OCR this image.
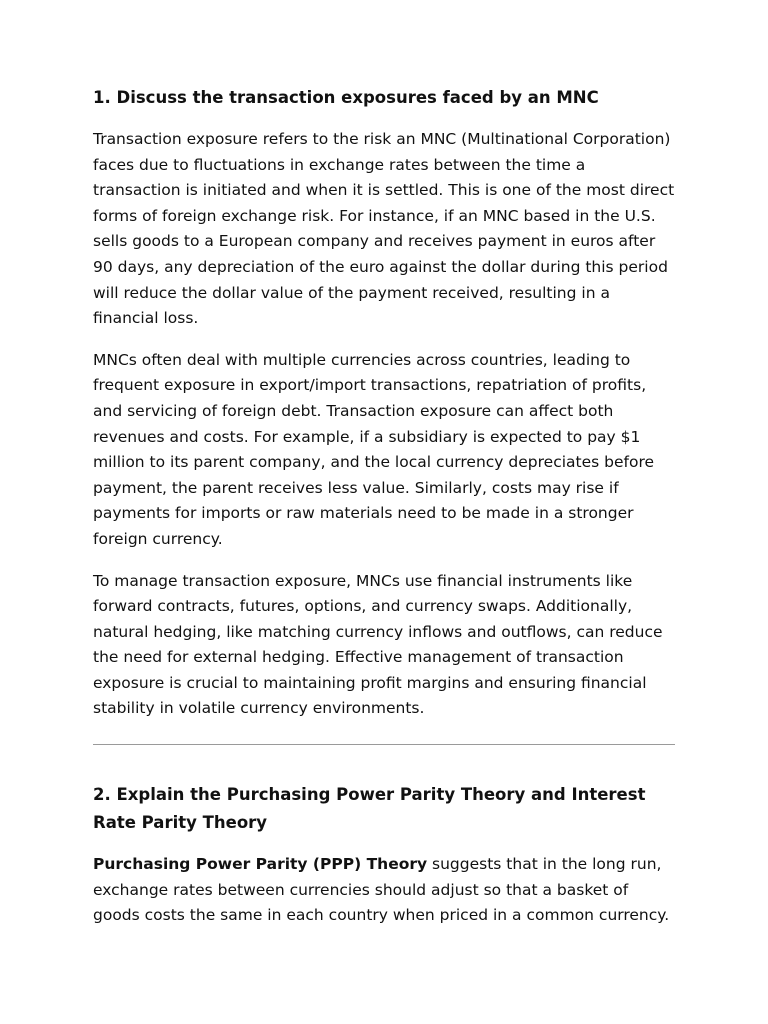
1. Discuss the transaction exposures faced by an MNC

Transaction exposure refers to the risk an MNC (Multinational Corporation) faces due to fluctuations in exchange rates between the time a transaction is initiated and when it is settled. This is one of the most direct forms of foreign exchange risk. For instance, if an MNC based in the U.S. sells goods to a European company and receives payment in euros after 90 days, any depreciation of the euro against the dollar during this period will reduce the dollar value of the payment received, resulting in a financial loss.

MNCs often deal with multiple currencies across countries, leading to frequent exposure in export/import transactions, repatriation of profits, and servicing of foreign debt. Transaction exposure can affect both revenues and costs. For example, if a subsidiary is expected to pay $1 million to its parent company, and the local currency depreciates before payment, the parent receives less value. Similarly, costs may rise if payments for imports or raw materials need to be made in a stronger foreign currency.

To manage transaction exposure, MNCs use financial instruments like forward contracts, futures, options, and currency swaps. Additionally, natural hedging, like matching currency inflows and outflows, can reduce the need for external hedging. Effective management of transaction exposure is crucial to maintaining profit margins and ensuring financial stability in volatile currency environments.

2. Explain the Purchasing Power Parity Theory and Interest Rate Parity Theory

Purchasing Power Parity (PPP) Theory suggests that in the long run, exchange rates between currencies should adjust so that a basket of goods costs the same in each country when priced in a common currency.
